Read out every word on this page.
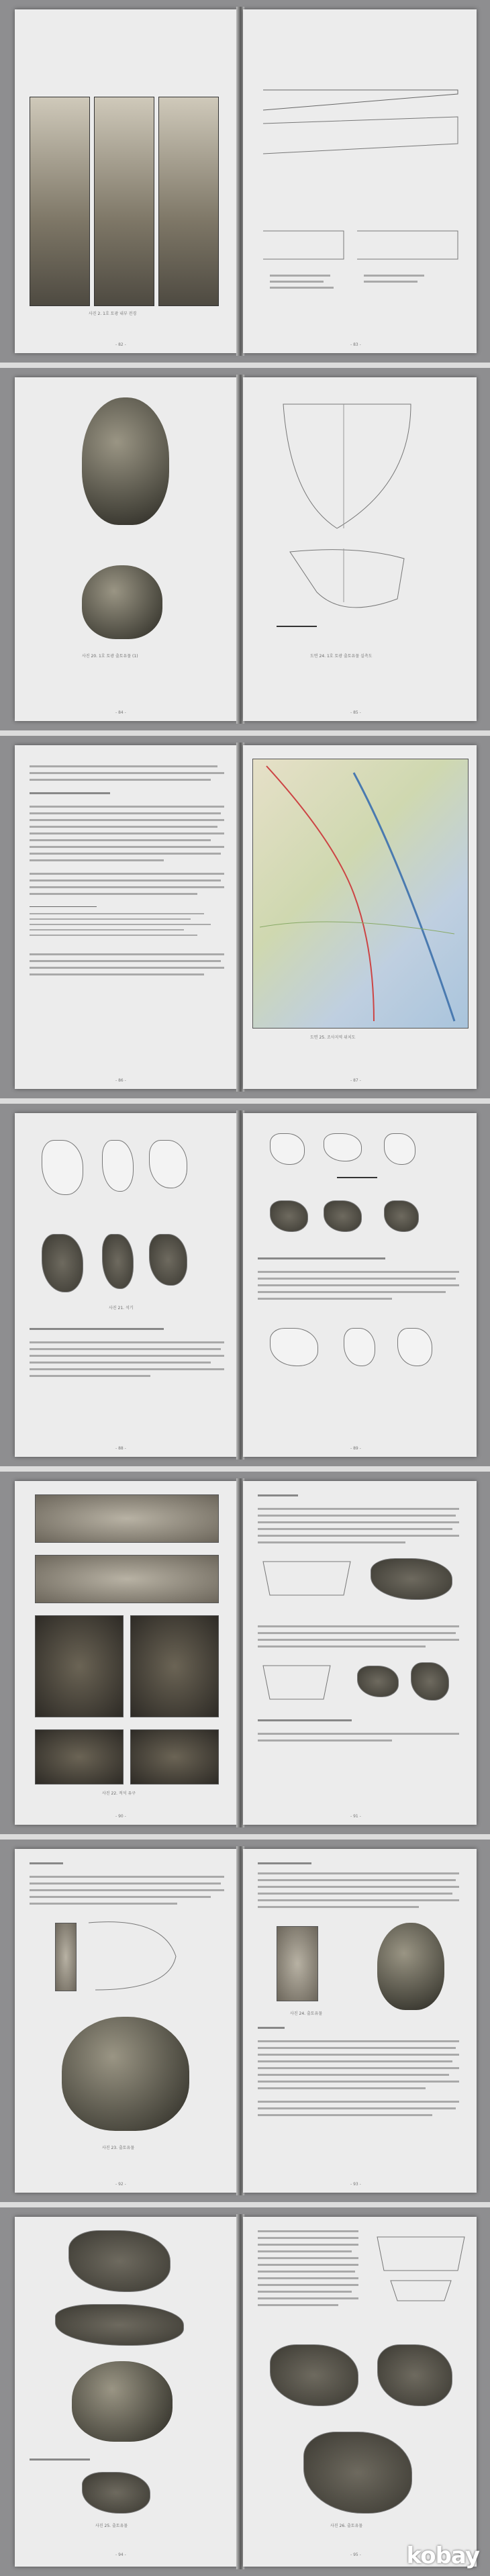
사진 2. 1호 토광 내부 전경
- 82 -	- 83 -
사진 20. 1호 토광 출토유물 (1)
- 84 -
도면 24. 1호 토광 출토유물 실측도
- 85 -
- 86 -
도면 25. 조사지역 위치도
- 87 -
사진 21. 석기
- 88 -	- 89 -
사진 22. 적석 유구
- 90 -	- 91 -
사진 23. 출토유물
- 92 -
사진 24. 출토유물
- 93 -
사진 25. 출토유물
- 94 -
사진 26. 출토유물
- 95 - kobay
